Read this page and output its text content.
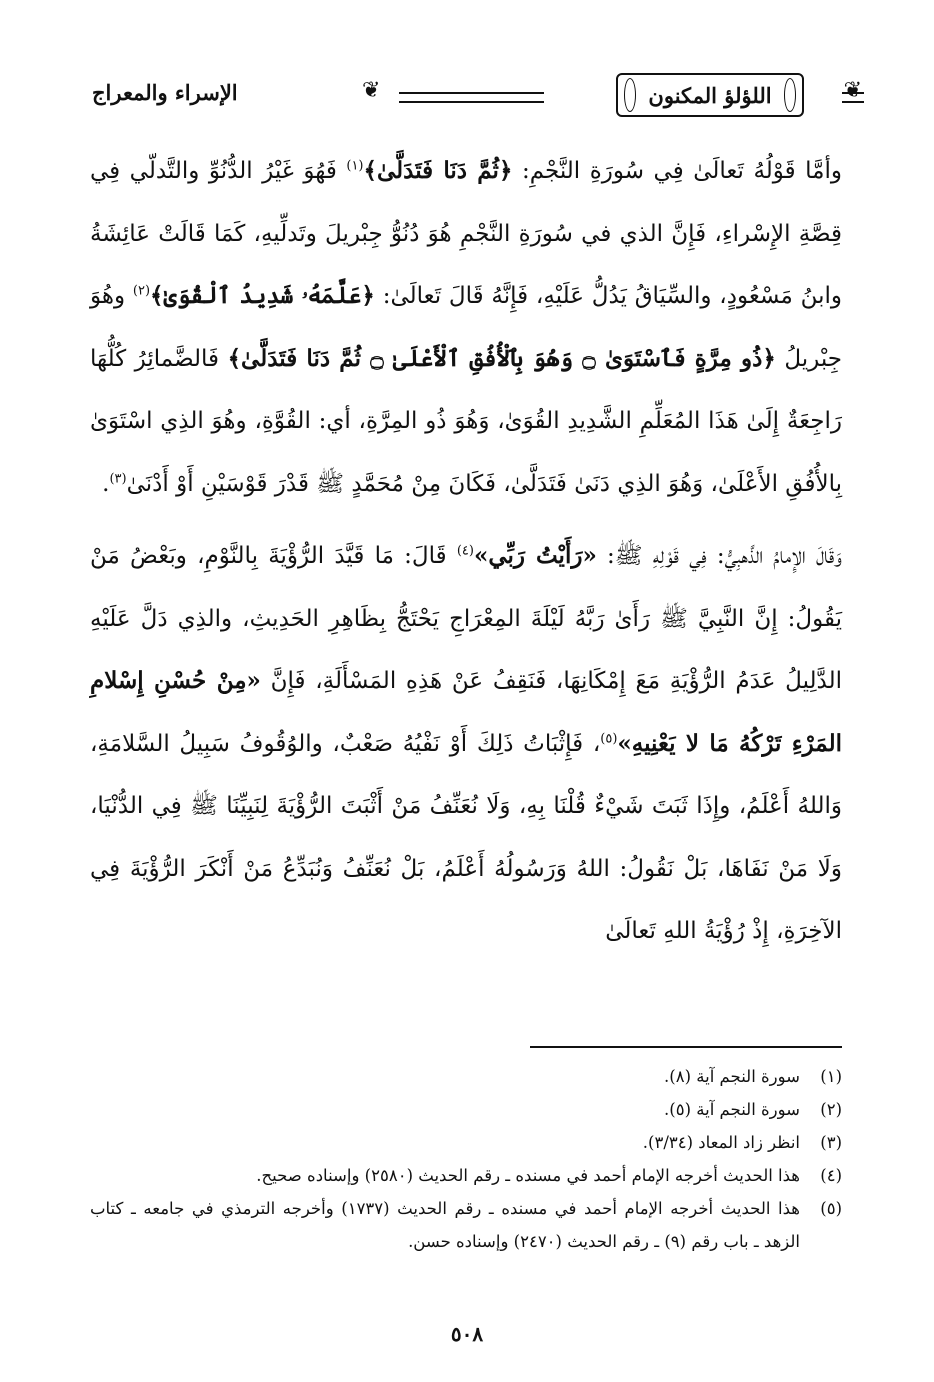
❦
اللؤلؤ المكنون
❦
الإسراء والمعراج

وأمَّا قَوْلُهُ تَعالَىٰ فِي سُورَةِ النَّجْمِ: ﴿ثُمَّ دَنَا فَتَدَلَّىٰ﴾$^{(١)}$ فَهُوَ غَيْرُ الدُّنُوِّ والتَّدلّي فِي قِصَّةِ الإِسْراءِ، فَإِنَّ الذي في سُورَةِ النَّجْمِ هُوَ دُنُوُّ جِبْريلَ وتَدلِّيهِ، كَمَا قَالَتْ عَائِشَةُ وابنُ مَسْعُودٍ، والسِّيَاقُ يَدُلُّ عَلَيْهِ، فَإِنَّهُ قَالَ تَعالَىٰ: ﴿عَلَّمَهُۥ شَدِيدُ ٱلْقُوَىٰ﴾$^{(٢)}$ وهُوَ جِبْريلُ ﴿ذُو مِرَّةٍ فَٱسْتَوَىٰ ۝ وَهُوَ بِٱلْأُفُقِ ٱلْأَعْلَىٰ ۝ ثُمَّ دَنَا فَتَدَلَّىٰ﴾ فَالضَّمائِرُ كُلُّهَا رَاجِعَةٌ إِلَىٰ هَذَا المُعَلِّمِ الشَّدِيدِ القُوَىٰ، وَهُوَ ذُو المِرَّةِ، أي: القُوَّةِ، وهُوَ الذِي اسْتَوَىٰ بِالأُفُقِ الأَعْلَىٰ، وَهُوَ الذِي دَنَىٰ فَتَدَلَّىٰ، فَكَانَ مِنْ مُحَمَّدٍ ﷺ قَدْرَ قَوْسَيْنِ أَوْ أَدْنَىٰ$^{(٣)}$.

وَقَالَ الإِمامُ الذَّهبِيُّ: فِي قَوْلِهِ ﷺ: «رَأَيْتُ رَبِّي»$^{(٤)}$ قَالَ: مَا قَيَّدَ الرُّؤْيَةَ بِالنَّوْمِ، وبَعْضُ مَنْ يَقُولُ: إِنَّ النَّبِيَّ ﷺ رَأَىٰ رَبَّهُ لَيْلَةَ المِعْرَاجِ يَحْتَجُّ بِظَاهِرِ الحَدِيثِ، والذِي دَلَّ عَلَيْهِ الدَّلِيلُ عَدَمُ الرُّؤْيَةِ مَعَ إِمْكَانِهَا، فَنَقِفُ عَنْ هَذِهِ المَسْأَلَةِ، فَإِنَّ «مِنْ حُسْنِ إِسْلامِ المَرْءِ تَرْكُهُ مَا لا يَعْنِيهِ»$^{(٥)}$، فَإِثْبَاتُ ذَلِكَ أَوْ نَفْيُهُ صَعْبٌ، والوُقُوفُ سَبِيلُ السَّلامَةِ، وَاللهُ أَعْلَمُ، وإِذَا ثَبَتَ شَيْءٌ قُلْنَا بِهِ، وَلَا نُعَنِّفُ مَنْ أَثْبَتَ الرُّؤْيَةَ لِنَبِيِّنَا ﷺ فِي الدُّنْيَا، وَلَا مَنْ نَفَاهَا، بَلْ نَقُولُ: اللهُ وَرَسُولُهُ أَعْلَمُ، بَلْ نُعَنِّفُ وَنُبَدِّعُ مَنْ أَنْكَرَ الرُّؤْيَةَ فِي الآخِرَةِ، إِذْ رُؤْيَةُ اللهِ تَعالَىٰ

(١)
سورة النجم آية (٨).
(٢)
سورة النجم آية (٥).
(٣)
انظر زاد المعاد (٣/٣٤).
(٤)
هذا الحديث أخرجه الإمام أحمد في مسنده ـ رقم الحديث (٢٥٨٠) وإسناده صحيح.
(٥)
هذا الحديث أخرجه الإمام أحمد في مسنده ـ رقم الحديث (١٧٣٧) وأخرجه الترمذي في جامعه ـ كتاب الزهد ـ باب رقم (٩) ـ رقم الحديث (٢٤٧٠) وإسناده حسن.
٥٠٨
